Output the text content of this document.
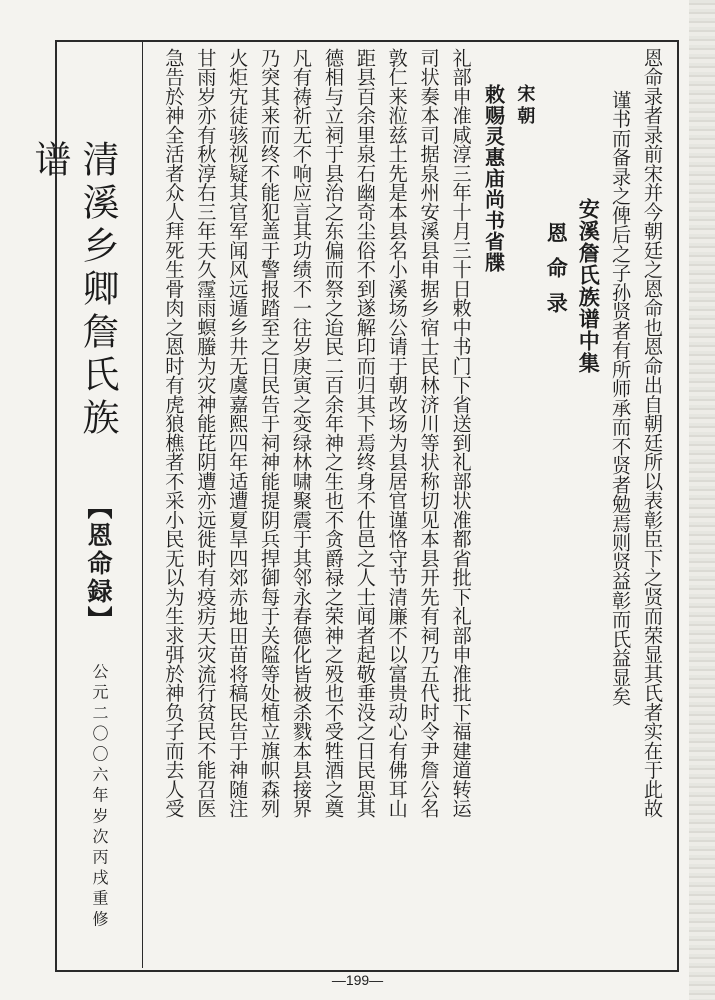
清溪乡卿詹氏族谱
【恩命録】
公元二〇〇六年岁次丙戌重修	恩命录者录前宋并今朝廷之恩命也恩命出自朝廷所以表彰臣下之贤而荣显其氏者实在于此故
谨书而备录之俾后之子孙贤者有所师承而不贤者勉焉则贤益彰而氏益显矣
安溪詹氏族谱中集
恩命录
宋朝
敕赐灵惠庙尚书省牒
礼部申准咸淳三年十月三十日敕中书门下省送到礼部状准都省批下礼部申准批下福建道转运
司状奏本司据泉州安溪县申据乡宿士民林济川等状称切见本县开先有祠乃五代时令尹詹公名
敦仁来涖兹土先是本县名小溪场公请于朝改场为县居官谨恪守节清廉不以富贵动心有佛耳山
距县百余里泉石幽奇尘俗不到遂解印而归其下焉终身不仕邑之人士闻者起敬垂没之日民思其
德相与立祠于县治之东偏而祭之迨民二百余年神之生也不贪爵禄之荣神之殁也不受牲酒之奠
凡有祷祈无不响应言其功绩不一往岁庚寅之变绿林啸聚震于其邻永春德化皆被杀戮本县接界
乃突其来而终不能犯盖于警报踏至之日民告于祠神能提阴兵捍御每于关隘等处植立旗帜森列
火炬宄徒骇视疑其官军闻风远遁乡井无虞嘉熙四年适遭夏旱四郊赤地田苗将稿民告于神随注
甘雨岁亦有秋淳右三年天久霪雨螟螣为灾神能芘阴遭亦远徙时有疫疠天灾流行贫民不能召医
急告於神全活者众人拜死生骨肉之恩时有虎狼樵者不采小民无以为生求弭於神负子而去人受
—199—
